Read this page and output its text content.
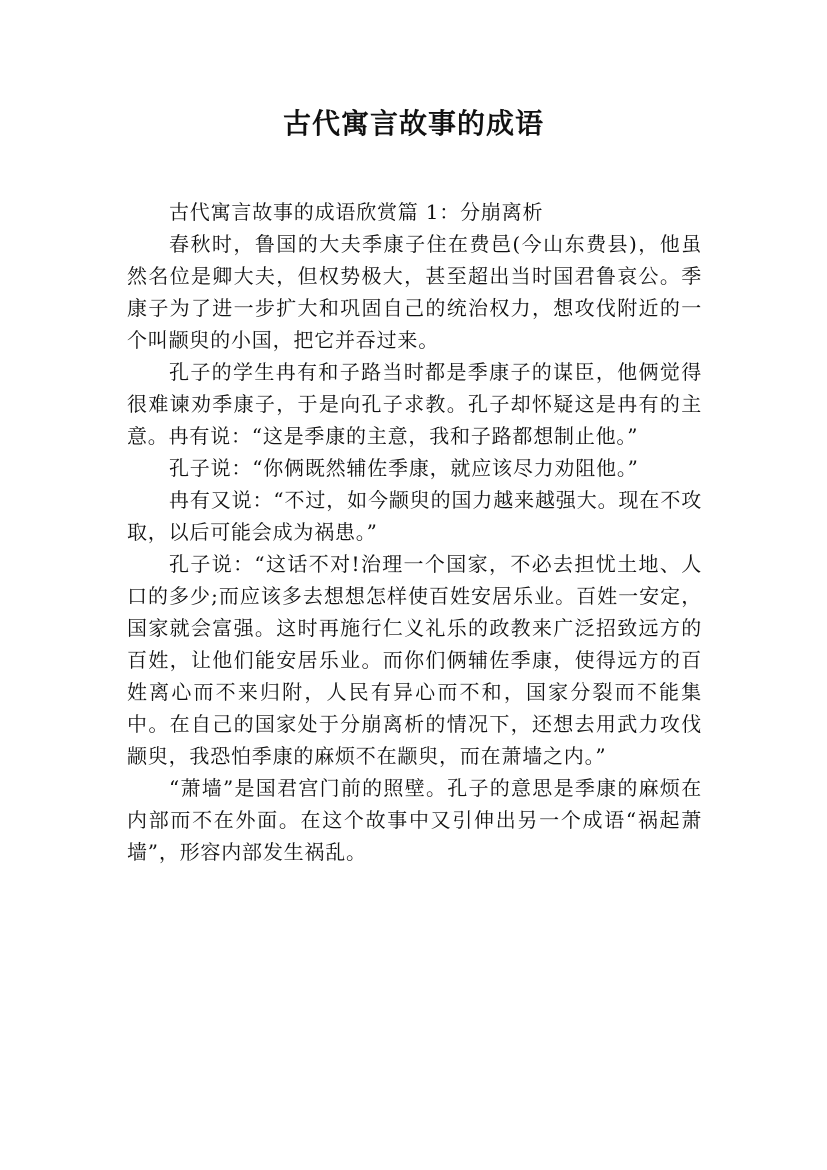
古代寓言故事的成语

古代寓言故事的成语欣赏篇 1：分崩离析

春秋时，鲁国的大夫季康子住在费邑(今山东费县)，他虽然名位是卿大夫，但权势极大，甚至超出当时国君鲁哀公。季康子为了进一步扩大和巩固自己的统治权力，想攻伐附近的一个叫颛臾的小国，把它并吞过来。

孔子的学生冉有和子路当时都是季康子的谋臣，他俩觉得很难谏劝季康子，于是向孔子求教。孔子却怀疑这是冉有的主意。冉有说：“这是季康的主意，我和子路都想制止他。”

孔子说：“你俩既然辅佐季康，就应该尽力劝阻他。”

冉有又说：“不过，如今颛臾的国力越来越强大。现在不攻取，以后可能会成为祸患。”

孔子说：“这话不对!治理一个国家，不必去担忧土地、人口的多少;而应该多去想想怎样使百姓安居乐业。百姓一安定，国家就会富强。这时再施行仁义礼乐的政教来广泛招致远方的百姓，让他们能安居乐业。而你们俩辅佐季康，使得远方的百姓离心而不来归附，人民有异心而不和，国家分裂而不能集中。在自己的国家处于分崩离析的情况下，还想去用武力攻伐颛臾，我恐怕季康的麻烦不在颛臾，而在萧墙之内。”

“萧墙”是国君宫门前的照壁。孔子的意思是季康的麻烦在内部而不在外面。在这个故事中又引伸出另一个成语“祸起萧墙”，形容内部发生祸乱。
